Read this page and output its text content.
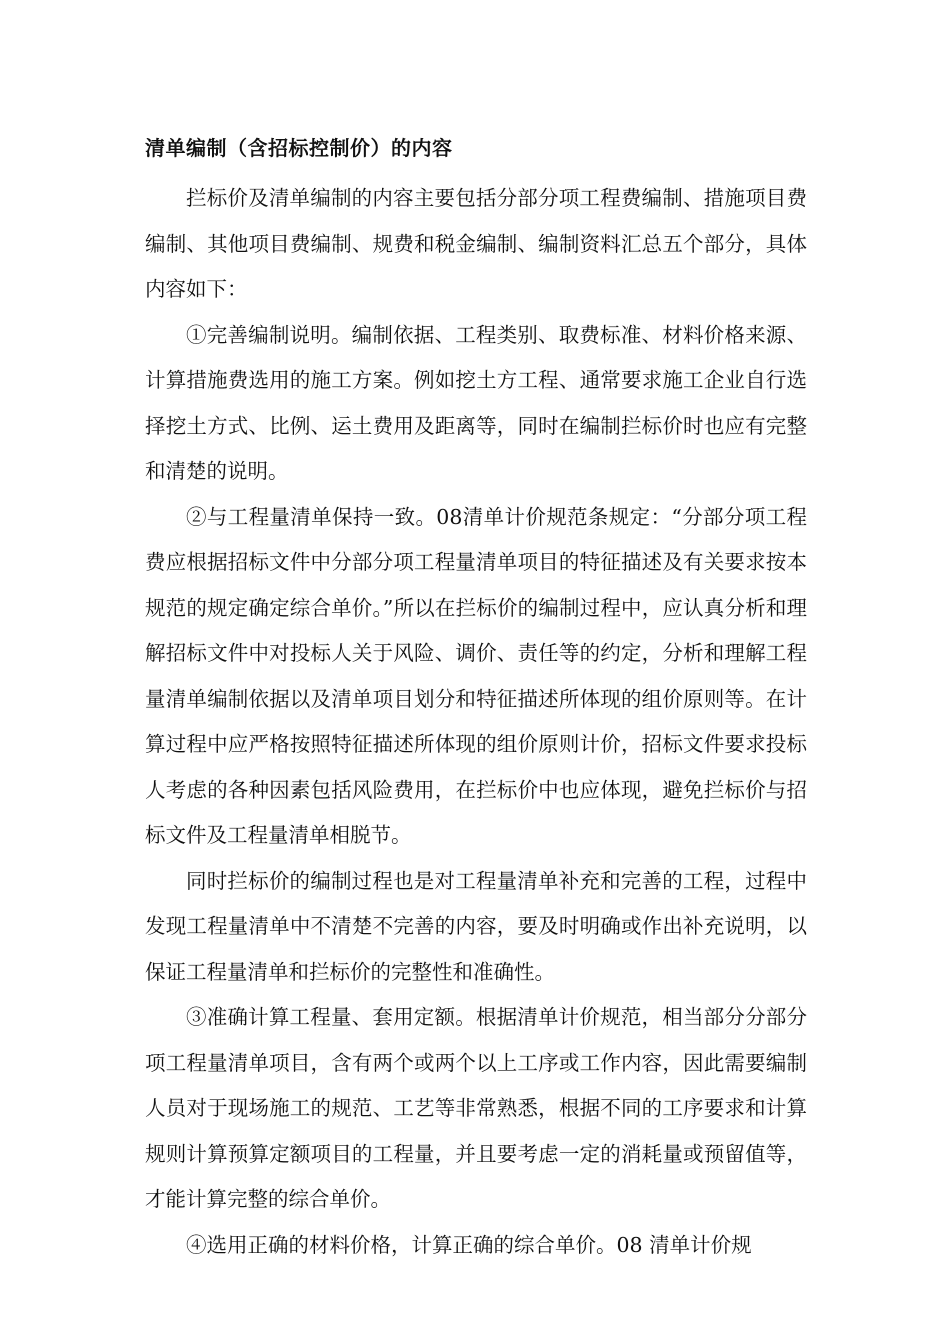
清单编制（含招标控制价）的内容

拦标价及清单编制的内容主要包括分部分项工程费编制、措施项目费编制、其他项目费编制、规费和税金编制、编制资料汇总五个部分，具体内容如下：

①完善编制说明。编制依据、工程类别、取费标准、材料价格来源、计算措施费选用的施工方案。例如挖土方工程、通常要求施工企业自行选择挖土方式、比例、运土费用及距离等，同时在编制拦标价时也应有完整和清楚的说明。

②与工程量清单保持一致。08清单计价规范条规定：“分部分项工程费应根据招标文件中分部分项工程量清单项目的特征描述及有关要求按本规范的规定确定综合单价。”所以在拦标价的编制过程中，应认真分析和理解招标文件中对投标人关于风险、调价、责任等的约定，分析和理解工程量清单编制依据以及清单项目划分和特征描述所体现的组价原则等。在计算过程中应严格按照特征描述所体现的组价原则计价，招标文件要求投标人考虑的各种因素包括风险费用，在拦标价中也应体现，避免拦标价与招标文件及工程量清单相脱节。

同时拦标价的编制过程也是对工程量清单补充和完善的工程，过程中发现工程量清单中不清楚不完善的内容，要及时明确或作出补充说明，以保证工程量清单和拦标价的完整性和准确性。

③准确计算工程量、套用定额。根据清单计价规范，相当部分分部分项工程量清单项目，含有两个或两个以上工序或工作内容，因此需要编制人员对于现场施工的规范、工艺等非常熟悉，根据不同的工序要求和计算规则计算预算定额项目的工程量，并且要考虑一定的消耗量或预留值等，才能计算完整的综合单价。

④选用正确的材料价格，计算正确的综合单价。08 清单计价规
